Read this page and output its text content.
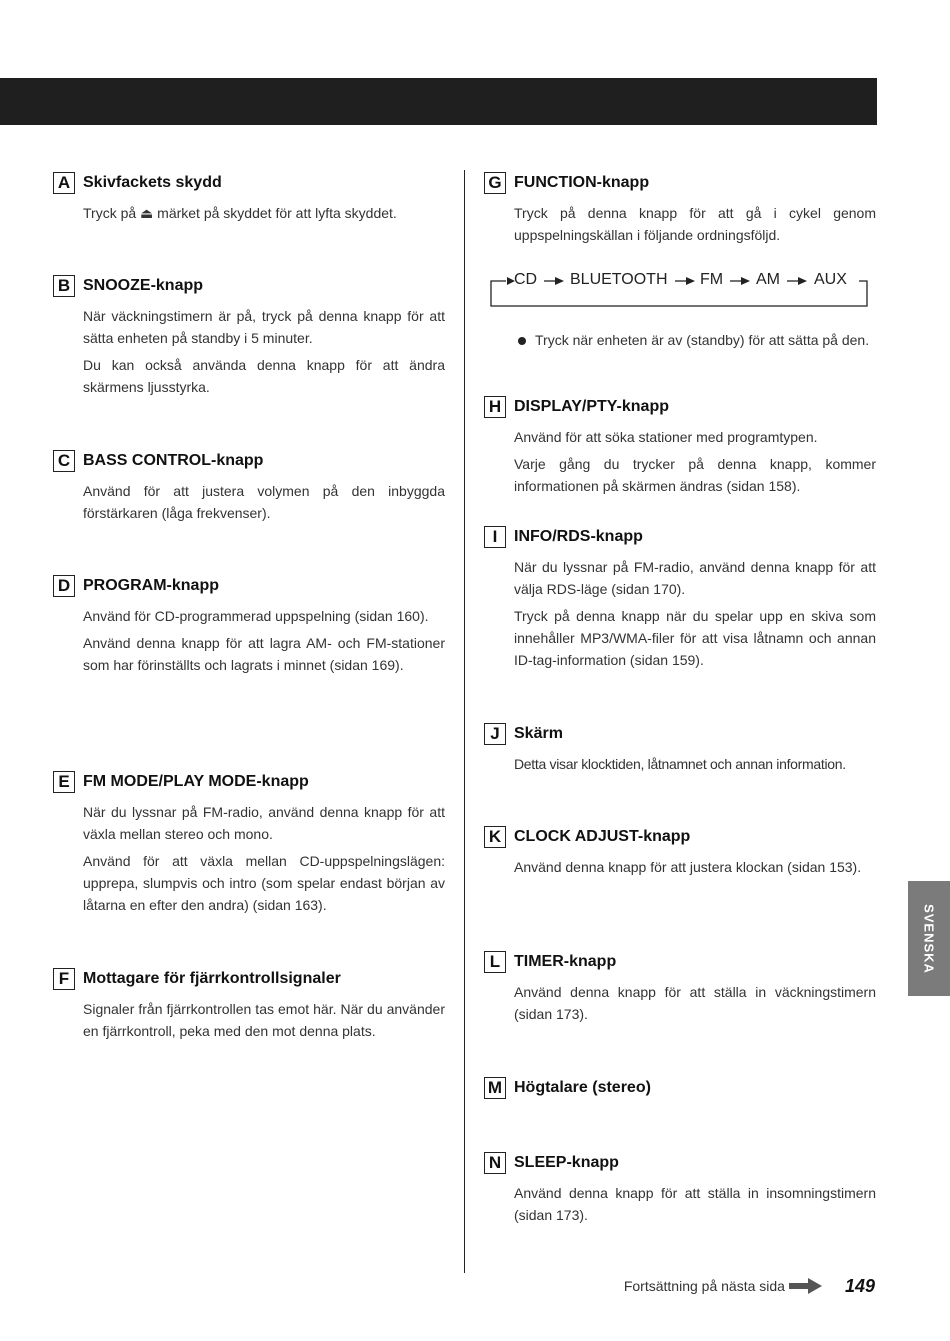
SVENSKA
A Skivfackets skydd

Tryck på ⏏ märket på skyddet för att lyfta skyddet.

B SNOOZE-knapp

När väckningstimern är på, tryck på denna knapp för att sätta enheten på standby i 5 minuter.

Du kan också använda denna knapp för att ändra skärmens ljusstyrka.

C BASS CONTROL-knapp

Använd för att justera volymen på den inbyggda förstärkaren (låga frekvenser).

D PROGRAM-knapp

Använd för CD-programmerad uppspelning (sidan 160).

Använd denna knapp för att lagra AM- och FM-stationer som har förinställts och lagrats i minnet (sidan 169).

E FM MODE/PLAY MODE-knapp

När du lyssnar på FM-radio, använd denna knapp för att växla mellan stereo och mono.

Använd för att växla mellan CD-uppspelningslägen: upprepa, slumpvis och intro (som spelar endast början av låtarna en efter den andra) (sidan 163).

F Mottagare för fjärrkontrollsignaler

Signaler från fjärrkontrollen tas emot här. När du använder en fjärrkontroll, peka med den mot denna plats.

G FUNCTION-knapp

Tryck på denna knapp för att gå i cykel genom uppspelningskällan i följande ordningsföljd.

CD BLUETOOTH FM AM AUX
Tryck när enheten är av (standby) för att sätta på den.
H DISPLAY/PTY-knapp

Använd för att söka stationer med programtypen.

Varje gång du trycker på denna knapp, kommer informationen på skärmen ändras (sidan 158).

I	INFO/RDS-knapp

När du lyssnar på FM-radio, använd denna knapp för att välja RDS-läge (sidan 170).

Tryck på denna knapp när du spelar upp en skiva som innehåller MP3/WMA-filer för att visa låtnamn och annan ID-tag-information (sidan 159).

J Skärm

Detta visar klocktiden, låtnamnet och annan information.

K CLOCK ADJUST-knapp

Använd denna knapp för att justera klockan (sidan 153).

L TIMER-knapp

Använd denna knapp för att ställa in väckningstimern (sidan 173).

M Högtalare (stereo)
N SLEEP-knapp

Använd denna knapp för att ställa in insomningstimern (sidan 173).

Fortsättning på nästa sida	149
